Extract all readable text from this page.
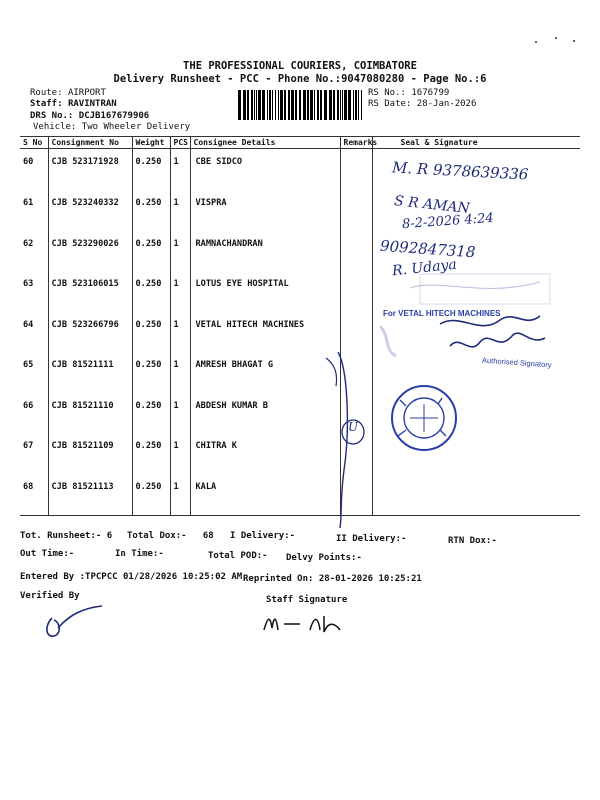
THE PROFESSIONAL COURIERS, COIMBATORE
Delivery Runsheet - PCC - Phone No.:9047080280 - Page No.:6
Route: AIRPORT
Staff: RAVINTRAN
DRS No.: DCJB167679906
Vehicle: Two Wheeler Delivery
RS No.: 1676799
RS Date: 28-Jan-2026
S No	Consignment No	Weight	PCS	Consignee Details	Remarks	Seal & Signature
60	CJB 523171928	0.250	1	CBE SIDCO		
61	CJB 523240332	0.250	1	VISPRA		
62	CJB 523290026	0.250	1	RAMNACHANDRAN		
63	CJB 523106015	0.250	1	LOTUS EYE HOSPITAL		
64	CJB 523266796	0.250	1	VETAL HITECH MACHINES		
65	CJB 81521111	0.250	1	AMRESH BHAGAT G		
66	CJB 81521110	0.250	1	ABDESH KUMAR B		
67	CJB 81521109	0.250	1	CHITRA K		
68	CJB 81521113	0.250	1	KALA		
M. R 9378639336
S R AMAN
8-2-2026 4:24
9092847318
R. Udaya
For VETAL HITECH MACHINES
Authorised Signatory
U
Tot. Runsheet:- 6 Total Dox:- 68 I Delivery:-	II Delivery:-	RTN Dox:-
Out Time:-	In Time:-	Total POD:- Delvy Points:-
Entered By :TPCPCC 01/28/2026 10:25:02 AM Reprinted On: 28-01-2026 10:25:21
Verified By	Staff Signature
